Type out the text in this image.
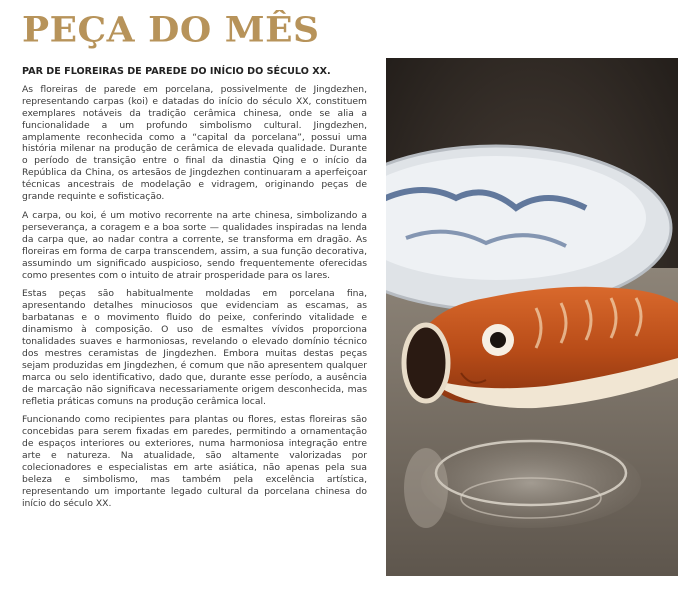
PEÇA DO MÊS

PAR DE FLOREIRAS DE PAREDE DO INÍCIO DO SÉCULO XX.

As floreiras de parede em porcelana, possivelmente de Jingdezhen, representando carpas (koi) e datadas do início do século XX, constituem exemplares notáveis da tradição cerâmica chinesa, onde se alia a funcionalidade a um profundo simbolismo cultural. Jingdezhen, amplamente reconhecida como a “capital da porcelana”, possui uma história milenar na produção de cerâmica de elevada qualidade. Durante o período de transição entre o final da dinastia Qing e o início da República da China, os artesãos de Jingdezhen continuaram a aperfeiçoar técnicas ancestrais de modelação e vidragem, originando peças de grande requinte e sofisticação.

A carpa, ou koi, é um motivo recorrente na arte chinesa, simbolizando a perseverança, a coragem e a boa sorte — qualidades inspiradas na lenda da carpa que, ao nadar contra a corrente, se transforma em dragão. As floreiras em forma de carpa transcendem, assim, a sua função decorativa, assumindo um significado auspicioso, sendo frequentemente oferecidas como presentes com o intuito de atrair prosperidade para os lares.

Estas peças são habitualmente moldadas em porcelana fina, apresentando detalhes minuciosos que evidenciam as escamas, as barbatanas e o movimento fluido do peixe, conferindo vitalidade e dinamismo à composição. O uso de esmaltes vívidos proporciona tonalidades suaves e harmoniosas, revelando o elevado domínio técnico dos mestres ceramistas de Jingdezhen. Embora muitas destas peças sejam produzidas em Jingdezhen, é comum que não apresentem qualquer marca ou selo identificativo, dado que, durante esse período, a ausência de marcação não significava necessariamente origem desconhecida, mas refletia práticas comuns na produção cerâmica local.

Funcionando como recipientes para plantas ou flores, estas floreiras são concebidas para serem fixadas em paredes, permitindo a ornamentação de espaços interiores ou exteriores, numa harmoniosa integração entre arte e natureza. Na atualidade, são altamente valorizadas por colecionadores e especialistas em arte asiática, não apenas pela sua beleza e simbolismo, mas também pela excelência artística, representando um importante legado cultural da porcelana chinesa do início do século XX.
